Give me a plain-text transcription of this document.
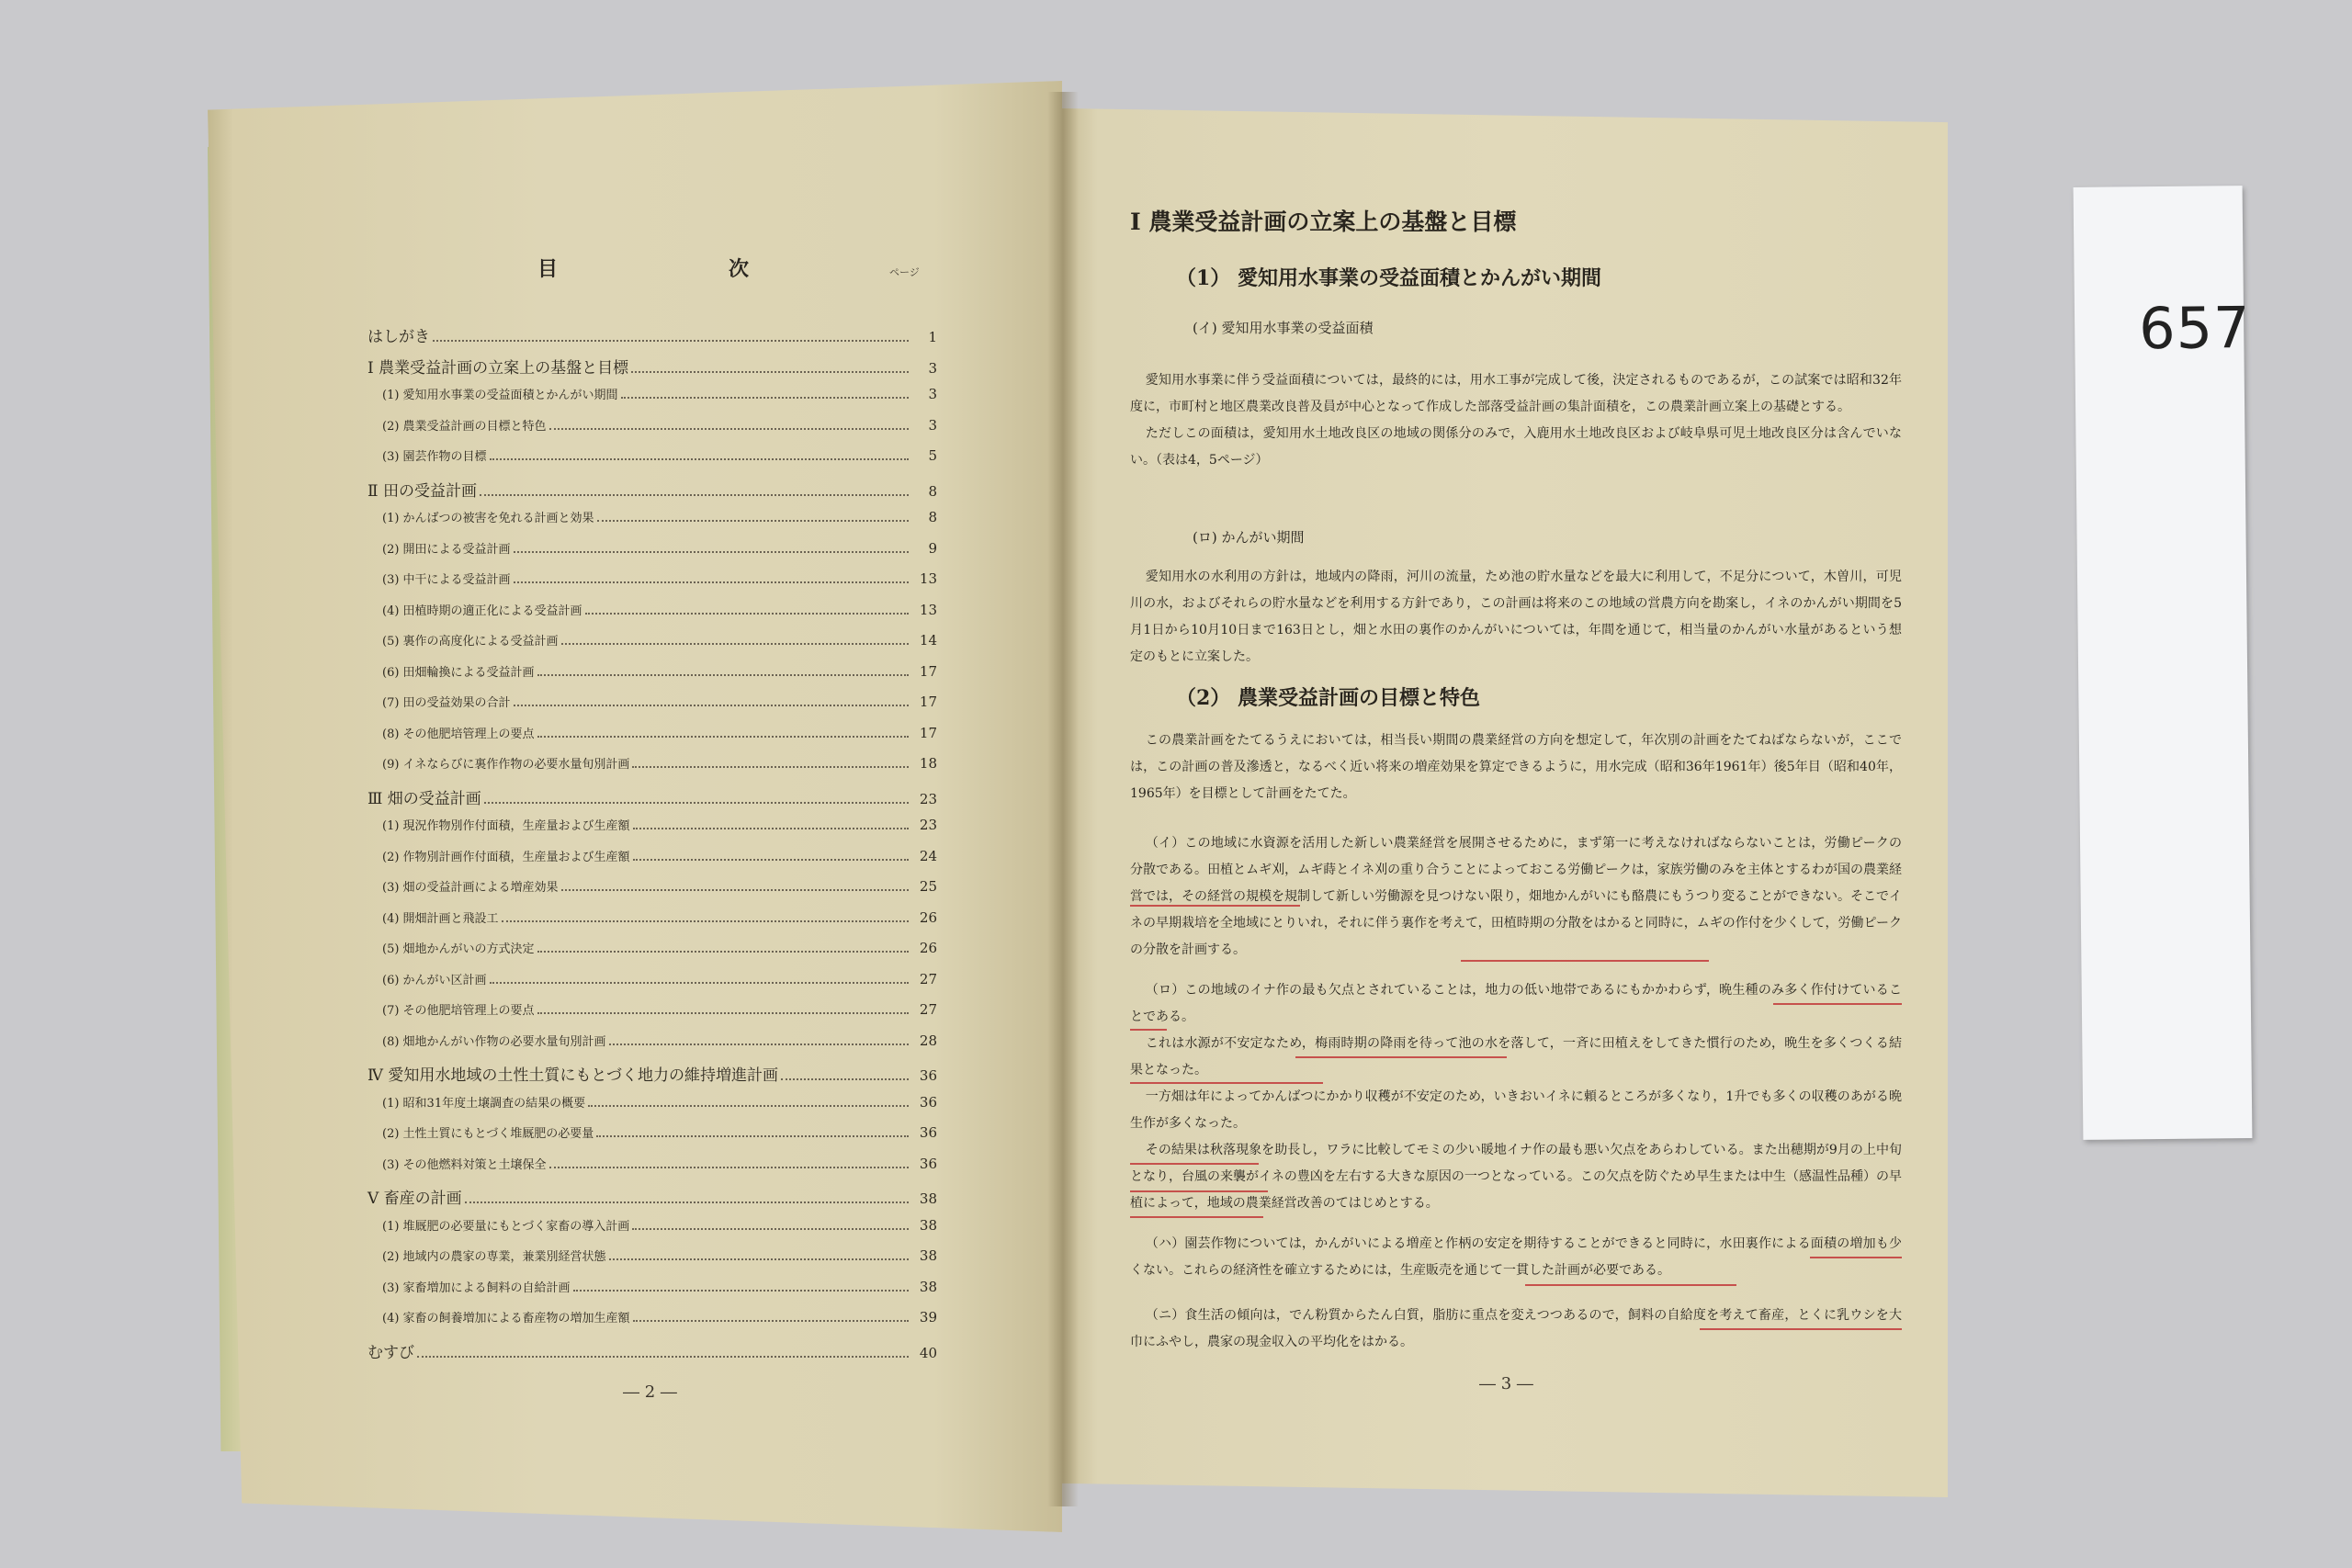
657
目	次	ページ
はしがき	1
Ⅰ 農業受益計画の立案上の基盤と目標	3
(1) 愛知用水事業の受益面積とかんがい期間	3
(2) 農業受益計画の目標と特色	3
(3) 園芸作物の目標	5
Ⅱ 田の受益計画	8
(1) かんばつの被害を免れる計画と効果	8
(2) 開田による受益計画	9
(3) 中干による受益計画	13
(4) 田植時期の適正化による受益計画	13
(5) 裏作の高度化による受益計画	14
(6) 田畑輪換による受益計画	17
(7) 田の受益効果の合計	17
(8) その他肥培管理上の要点	17
(9) イネならびに裏作作物の必要水量旬別計画	18
Ⅲ 畑の受益計画	23
(1) 現況作物別作付面積，生産量および生産額	23
(2) 作物別計画作付面積，生産量および生産額	24
(3) 畑の受益計画による増産効果	25
(4) 開畑計画と飛設工	26
(5) 畑地かんがいの方式決定	26
(6) かんがい区計画	27
(7) その他肥培管理上の要点	27
(8) 畑地かんがい作物の必要水量旬別計画	28
Ⅳ 愛知用水地域の土性土質にもとづく地力の維持増進計画	36
(1) 昭和31年度土壌調査の結果の概要	36
(2) 土性土質にもとづく堆厩肥の必要量	36
(3) その他燃料対策と土壌保全	36
Ⅴ 畜産の計画	38
(1) 堆厩肥の必要量にもとづく家畜の導入計画	38
(2) 地域内の農家の専業，兼業別経営状態	38
(3) 家畜増加による飼料の自給計画	38
(4) 家畜の飼養増加による畜産物の増加生産額	39
むすび	40
― 2 ―
Ⅰ 農業受益計画の立案上の基盤と目標
（1） 愛知用水事業の受益面積とかんがい期間
(イ) 愛知用水事業の受益面積

愛知用水事業に伴う受益面積については，最終的には，用水工事が完成して後，決定されるものであるが，この試案では昭和32年度に，市町村と地区農業改良普及員が中心となって作成した部落受益計画の集計面積を，この農業計画立案上の基礎とする。

ただしこの面積は，愛知用水土地改良区の地域の関係分のみで，入鹿用水土地改良区および岐阜県可児土地改良区分は含んでいない。（表は4，5ページ）

(ロ) かんがい期間

愛知用水の水利用の方針は，地域内の降雨，河川の流量，ため池の貯水量などを最大に利用して，不足分について，木曽川，可児川の水，およびそれらの貯水量などを利用する方針であり，この計画は将来のこの地域の営農方向を勘案し，イネのかんがい期間を5月1日から10月10日まで163日とし，畑と水田の裏作のかんがいについては，年間を通じて，相当量のかんがい水量があるという想定のもとに立案した。

（2） 農業受益計画の目標と特色

この農業計画をたてるうえにおいては，相当長い期間の農業経営の方向を想定して，年次別の計画をたてねばならないが，ここでは，この計画の普及滲透と，なるべく近い将来の増産効果を算定できるように，用水完成（昭和36年1961年）後5年目（昭和40年，1965年）を目標として計画をたてた。

（イ）この地域に水資源を活用した新しい農業経営を展開させるために，まず第一に考えなければならないことは，労働ピークの分散である。田植とムギ刈，ムギ蒔とイネ刈の重り合うことによっておこる労働ピークは，家族労働のみを主体とするわが国の農業経営では，その経営の規模を規制して新しい労働源を見つけない限り，畑地かんがいにも酪農にもうつり変ることができない。そこでイネの早期栽培を全地域にとりいれ，それに伴う裏作を考えて，田植時期の分散をはかると同時に，ムギの作付を少くして，労働ピークの分散を計画する。

（ロ）この地域のイナ作の最も欠点とされていることは，地力の低い地帯であるにもかかわらず，晩生種のみ多く作付けていることである。

これは水源が不安定なため，梅雨時期の降雨を待って池の水を落して，一斉に田植えをしてきた慣行のため，晩生を多くつくる結果となった。

一方畑は年によってかんばつにかかり収穫が不安定のため，いきおいイネに頼るところが多くなり，1升でも多くの収穫のあがる晩生作が多くなった。

その結果は秋落現象を助長し，ワラに比較してモミの少い暖地イナ作の最も悪い欠点をあらわしている。また出穂期が9月の上中旬となり，台風の来襲がイネの豊凶を左右する大きな原因の一つとなっている。この欠点を防ぐため早生または中生（感温性品種）の早植によって，地域の農業経営改善のてはじめとする。

（ハ）園芸作物については，かんがいによる増産と作柄の安定を期待することができると同時に，水田裏作による面積の増加も少くない。これらの経済性を確立するためには，生産販売を通じて一貫した計画が必要である。

（ニ）食生活の傾向は，でん粉質からたん白質，脂肪に重点を変えつつあるので，飼料の自給度を考えて畜産，とくに乳ウシを大巾にふやし，農家の現金収入の平均化をはかる。

― 3 ―
